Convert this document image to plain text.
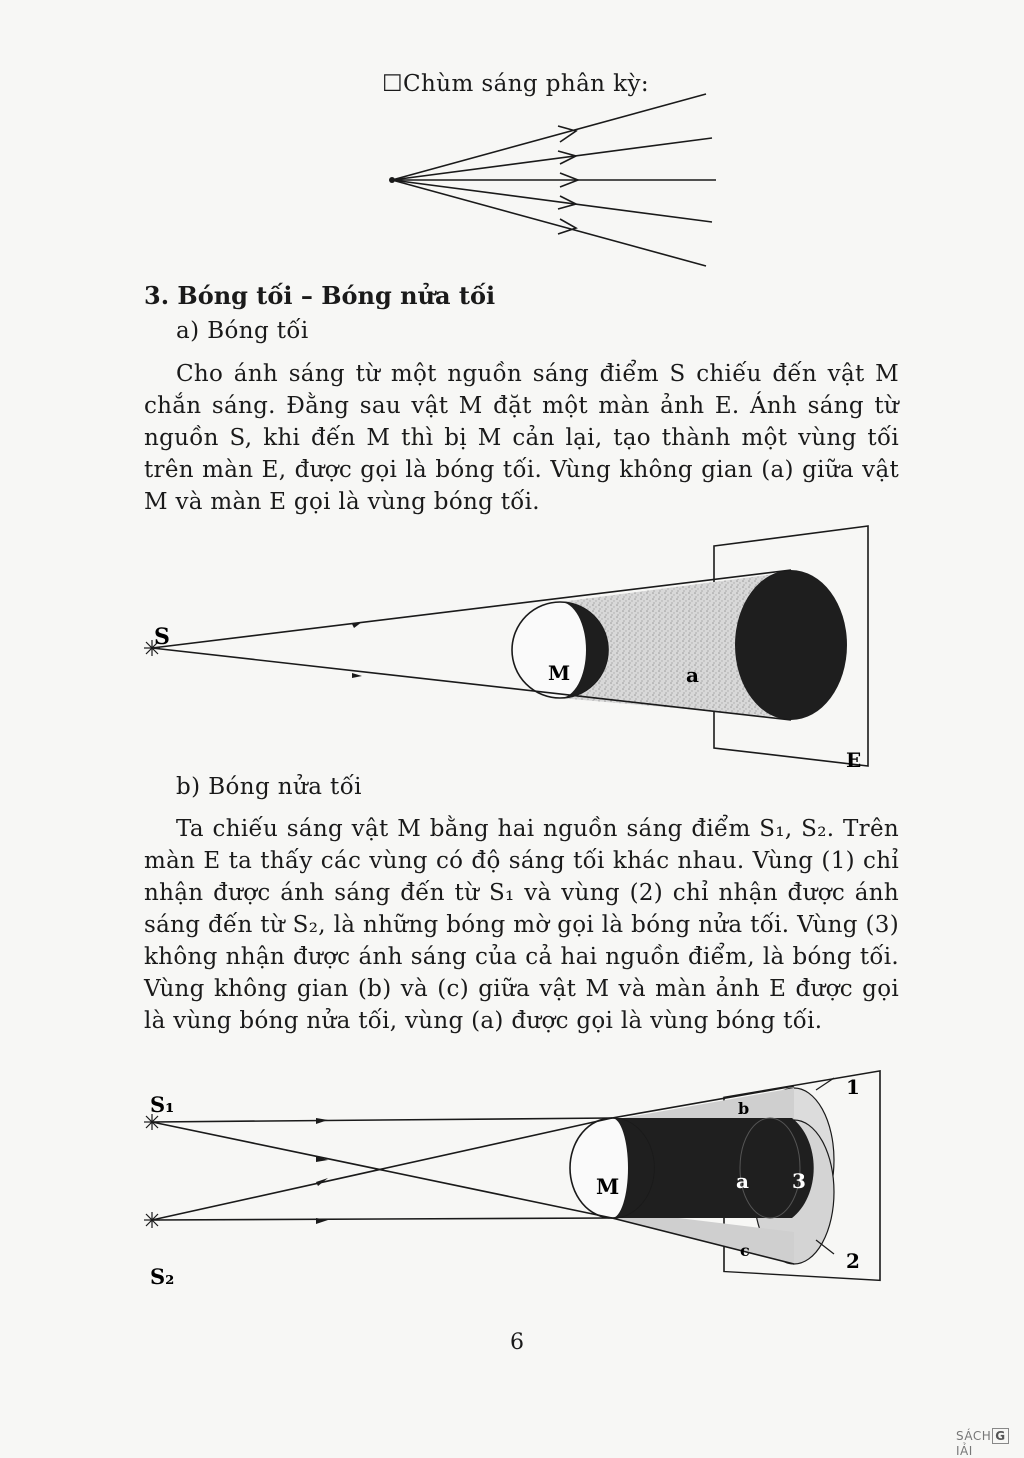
☐Chùm sáng phân kỳ:
3. Bóng tối – Bóng nửa tối
a) Bóng tối

Cho ánh sáng từ một nguồn sáng điểm S chiếu đến vật M chắn sáng. Đằng sau vật M đặt một màn ảnh E. Ánh sáng từ nguồn S, khi đến M thì bị M cản lại, tạo thành một vùng tối trên màn E, được gọi là bóng tối. Vùng không gian (a) giữa vật M và màn E gọi là vùng bóng tối.

S
M	a
E
b) Bóng nửa tối

Ta chiếu sáng vật M bằng hai nguồn sáng điểm S₁, S₂. Trên màn E ta thấy các vùng có độ sáng tối khác nhau. Vùng (1) chỉ nhận được ánh sáng đến từ S₁ và vùng (2) chỉ nhận được ánh sáng đến từ S₂, là những bóng mờ gọi là bóng nửa tối. Vùng (3) không nhận được ánh sáng của cả hai nguồn điểm, là bóng tối. Vùng không gian (b) và (c) giữa vật M và màn ảnh E được gọi là vùng bóng nửa tối, vùng (a) được gọi là vùng bóng tối.

S₁
S₂
M	a
b
c
3
1
2
6
SÁCH GIẢI
